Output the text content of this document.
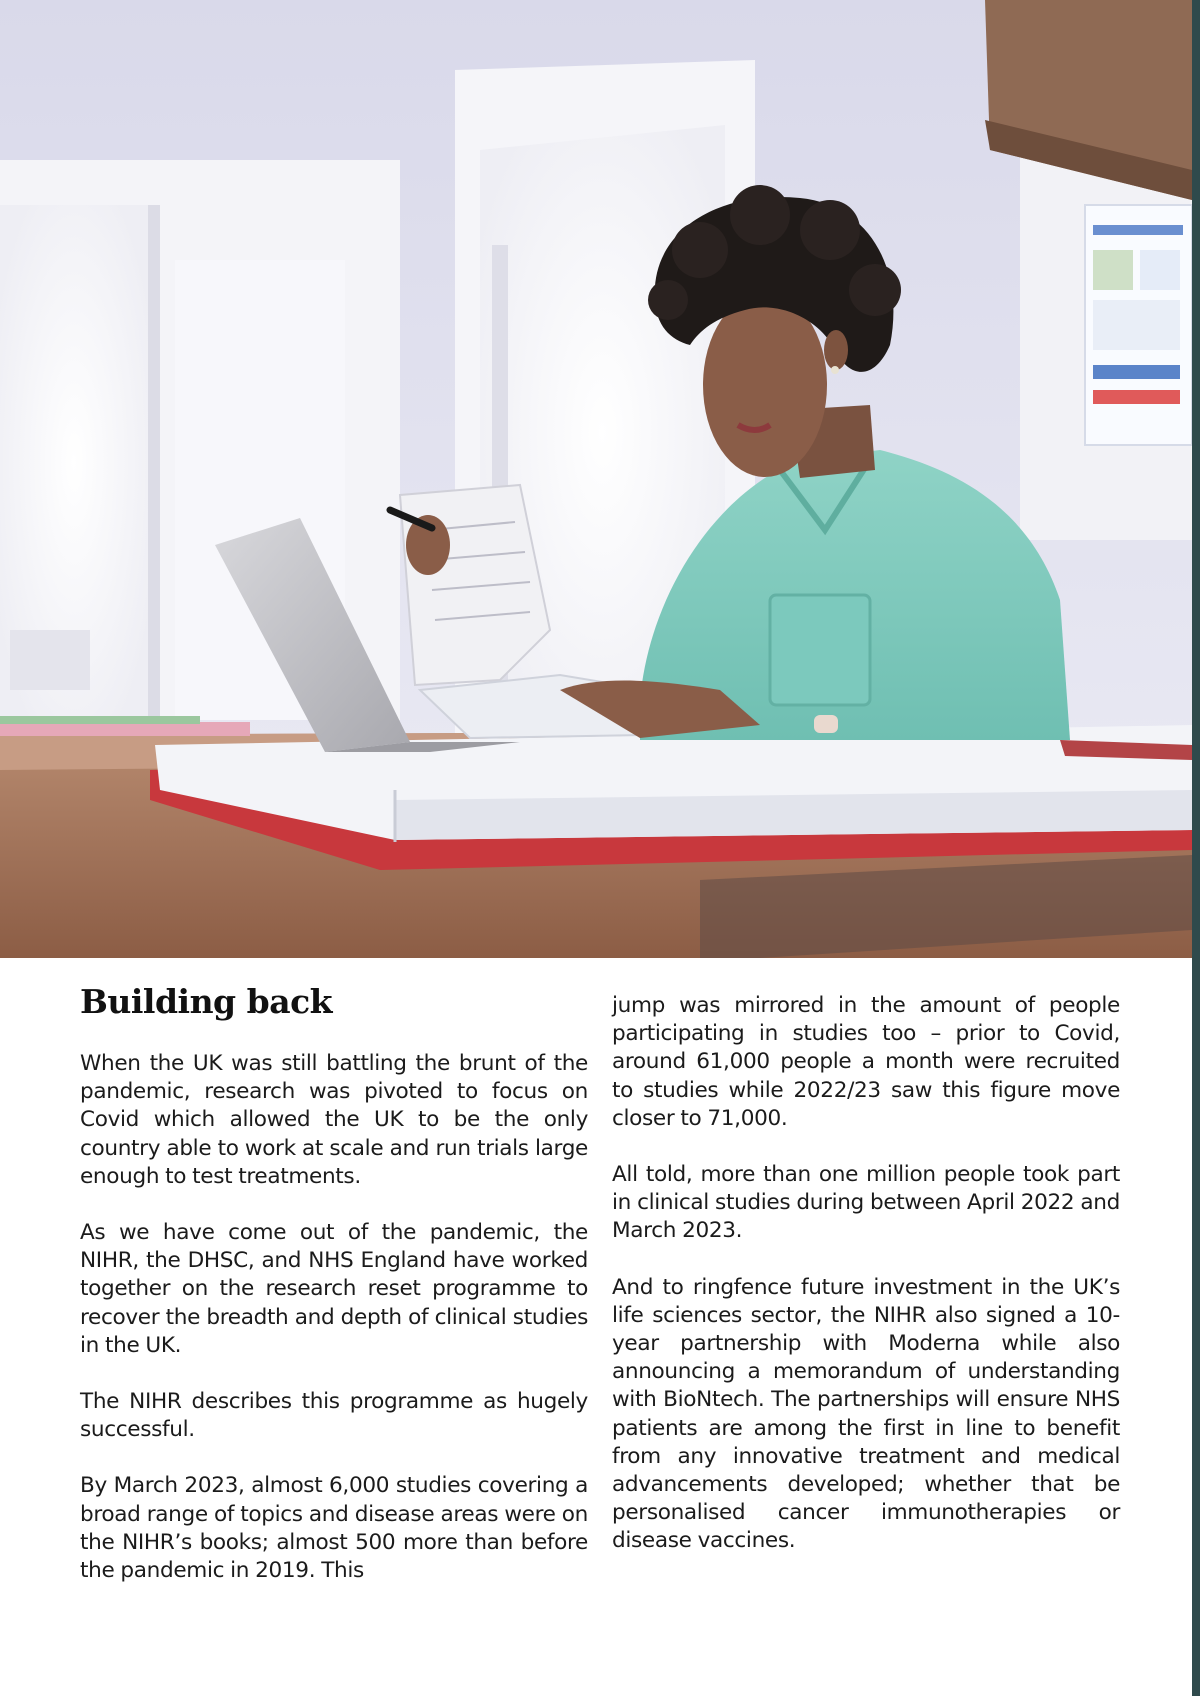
Building back

When the UK was still battling the brunt of the pandemic, research was pivoted to focus on Covid which allowed the UK to be the only country able to work at scale and run trials large enough to test treatments.

As we have come out of the pandemic, the NIHR, the DHSC, and NHS England have worked together on the research reset programme to recover the breadth and depth of clinical studies in the UK.

The NIHR describes this programme as hugely successful.

By March 2023, almost 6,000 studies covering a broad range of topics and disease areas were on the NIHR’s books; almost 500 more than before the pandemic in 2019. This

jump was mirrored in the amount of people participating in studies too – prior to Covid, around 61,000 people a month were recruited to studies while 2022/23 saw this figure move closer to 71,000.

All told, more than one million people took part in clinical studies during between April 2022 and March 2023.

And to ringfence future investment in the UK’s life sciences sector, the NIHR also signed a 10-year partnership with Moderna while also announcing a memorandum of understanding with BioNtech. The partnerships will ensure NHS patients are among the first in line to benefit from any innovative treatment and medical advancements developed; whether that be personalised cancer immunotherapies or disease vaccines.
